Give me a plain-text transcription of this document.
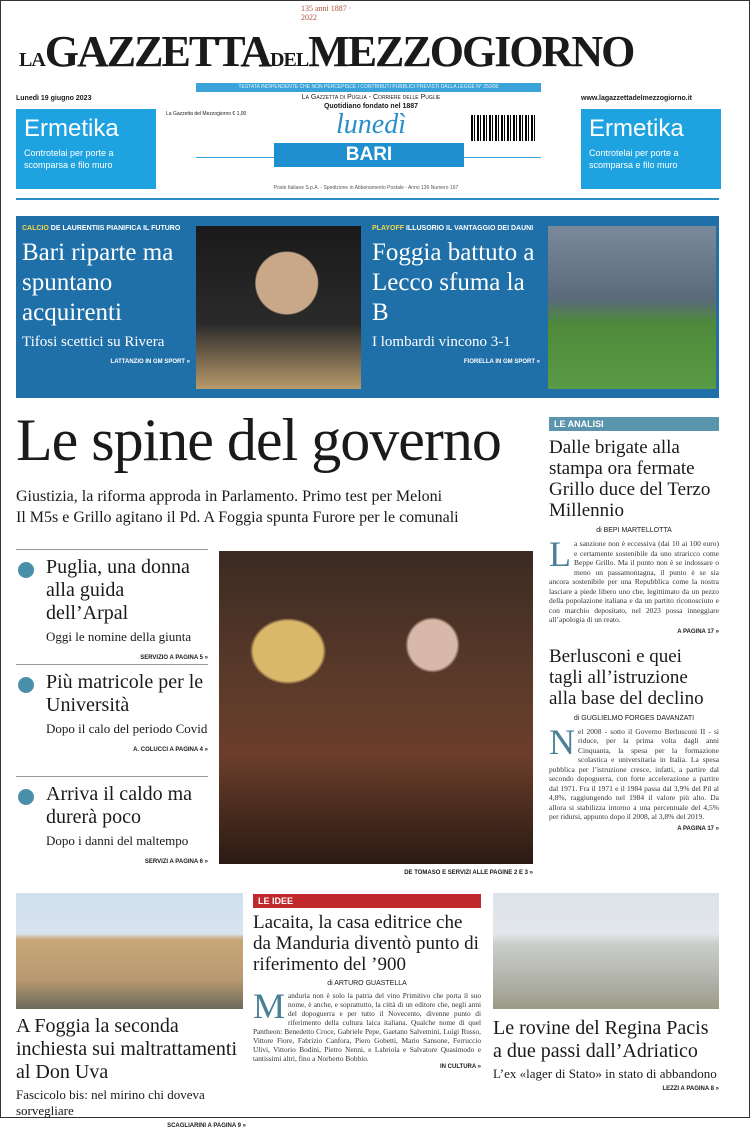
135 anni 1887 · 2022
LAGAZZETTADELMEZZOGIORNO
TESTATA INDIPENDENTE CHE NON PERCEPISCE I CONTRIBUTI PUBBLICI PREVISTI DALLA LEGGE N° 250/90
Lunedì 19 giugno 2023	La Gazzetta di Puglia - Corriere delle Puglie
Quotidiano fondato nel 1887
www.lagazzettadelmezzogiorno.it
La Gazzetta del Mezzogiorno € 1,00
Ermetika
Controtelai per porte a scomparsa e filo muro
Ermetika
Controtelai per porte a scomparsa e filo muro
lunedì
BARI
Poste Italiane S.p.A. - Spedizione in Abbonamento Postale - Anno 136 Numero 167
CALCIO DE LAURENTIIS PIANIFICA IL FUTURO
Bari riparte ma spuntano acquirenti
Tifosi scettici su Rivera
LATTANZIO IN GM SPORT »
PLAYOFF ILLUSORIO IL VANTAGGIO DEI DAUNI
Foggia battuto a Lecco sfuma la B
I lombardi vincono 3-1
FIORELLA IN GM SPORT »
Le spine del governo
Giustizia, la riforma approda in Parlamento. Primo test per Meloni
Il M5s e Grillo agitano il Pd. A Foggia spunta Furore per le comunali
Puglia, una donna alla guida dell’Arpal
Oggi le nomine della giunta
SERVIZIO A PAGINA 5 »
Più matricole per le Università
Dopo il calo del periodo Covid
A. COLUCCI A PAGINA 4 »
Arriva il caldo ma durerà poco
Dopo i danni del maltempo
SERVIZI A PAGINA 6 »
DE TOMASO E SERVIZI ALLE PAGINE 2 E 3 »
LE ANALISI
Dalle brigate alla stampa ora fermate Grillo duce del Terzo Millennio
di BEPI MARTELLOTTA
La sanzione non è eccessiva (dai 10 ai 100 euro) e certamente sostenibile da uno straricco come Beppe Grillo. Ma il punto non è se indossare o meno un passamontagna, il punto è se sia ancora sostenibile per una Repubblica come la nostra lasciare a piede libero uno che, legittimato da un pezzo della popolazione italiana e da un partito riconosciuto e con marchio depositato, nel 2023 possa inneggiare all’apologia di un reato.
A PAGINA 17 »
Berlusconi e quei tagli all’istruzione alla base del declino
di GUGLIELMO FORGES DAVANZATI
Nel 2008 - sotto il Governo Berlusconi II - si riduce, per la prima volta dagli anni Cinquanta, la spesa per la formazione scolastica e universitaria in Italia. La spesa pubblica per l’istruzione cresce, infatti, a partire dal secondo dopoguerra, con forte accelerazione a partire dal 1971. Fra il 1971 e il 1984 passa dal 3,9% del Pil al 4,8%, raggiungendo nel 1984 il valore più alto. Da allora si stabilizza intorno a una percentuale del 4,5% per ridursi, appunto dopo il 2008, al 3,8% del 2019.
A PAGINA 17 »
A Foggia la seconda inchiesta sui maltrattamenti al Don Uva
Fascicolo bis: nel mirino chi doveva sorvegliare
SCAGLIARINI A PAGINA 9 »
LE IDEE
Lacaita, la casa editrice che da Manduria diventò punto di riferimento del ’900
di ARTURO GUASTELLA
Manduria non è solo la patria del vino Primitivo che porta il suo nome, è anche, e soprattutto, la città di un editore che, negli anni del dopoguerra e per tutto il Novecento, divenne punto di riferimento della cultura laica italiana. Qualche nome di quel Pantheon: Benedetto Croce, Gabriele Pepe, Gaetano Salvemini, Luigi Russo, Vittore Fiore, Fabrizio Canfora, Piero Gobetti, Mario Sansone, Ferruccio Ulivi, Vittorio Bodini, Pietro Nenni, e Labriola e Salvatore Quasimodo e tantissimi altri, fino a Norberto Bobbio.
IN CULTURA »
Le rovine del Regina Pacis a due passi dall’Adriatico
L’ex «lager di Stato» in stato di abbandono
LEZZI A PAGINA 8 »
